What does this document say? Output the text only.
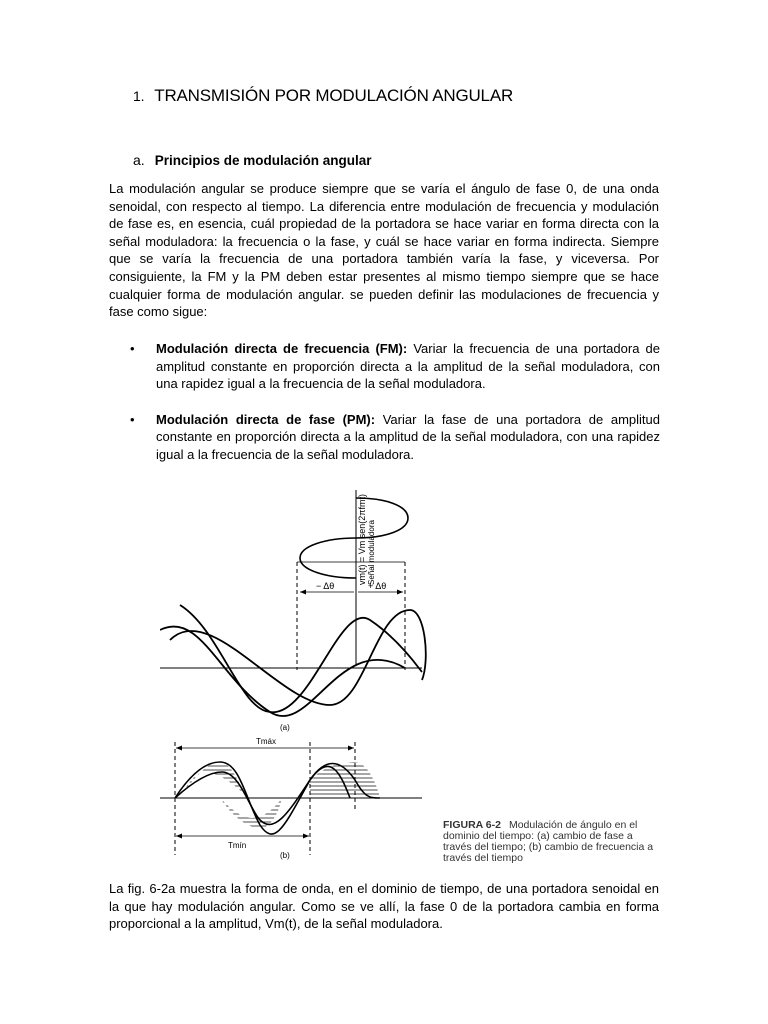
1. TRANSMISIÓN POR MODULACIÓN ANGULAR
a. Principios de modulación angular

La modulación angular se produce siempre que se varía el ángulo de fase 0, de una onda senoidal, con respecto al tiempo. La diferencia entre modulación de frecuencia y modulación de fase es, en esencia, cuál propiedad de la portadora se hace variar en forma directa con la señal moduladora: la frecuencia o la fase, y cuál se hace variar en forma indirecta. Siempre que se varía la frecuencia de una portadora también varía la fase, y viceversa. Por consiguiente, la FM y la PM deben estar presentes al mismo tiempo siempre que se hace cualquier forma de modulación angular. se pueden definir las modulaciones de frecuencia y fase como sigue:

• Modulación directa de frecuencia (FM): Variar la frecuencia de una portadora de amplitud constante en proporción directa a la amplitud de la señal moduladora, con una rapidez igual a la frecuencia de la señal moduladora.
• Modulación directa de fase (PM): Variar la fase de una portadora de amplitud constante en proporción directa a la amplitud de la señal moduladora, con una rapidez igual a la frecuencia de la señal moduladora.
vm(t) = Vm sen(2πfmt) Señal moduladora
− Δθ	+ Δθ
(a)
Tmáx
Tmín
(b)
FIGURA 6-2 Modulación de ángulo en el dominio del tiempo: (a) cambio de fase a través del tiempo; (b) cambio de frecuencia a través del tiempo

La fig. 6-2a muestra la forma de onda, en el dominio de tiempo, de una portadora senoidal en la que hay modulación angular. Como se ve allí, la fase 0 de la portadora cambia en forma proporcional a la amplitud, Vm(t), de la señal moduladora.
